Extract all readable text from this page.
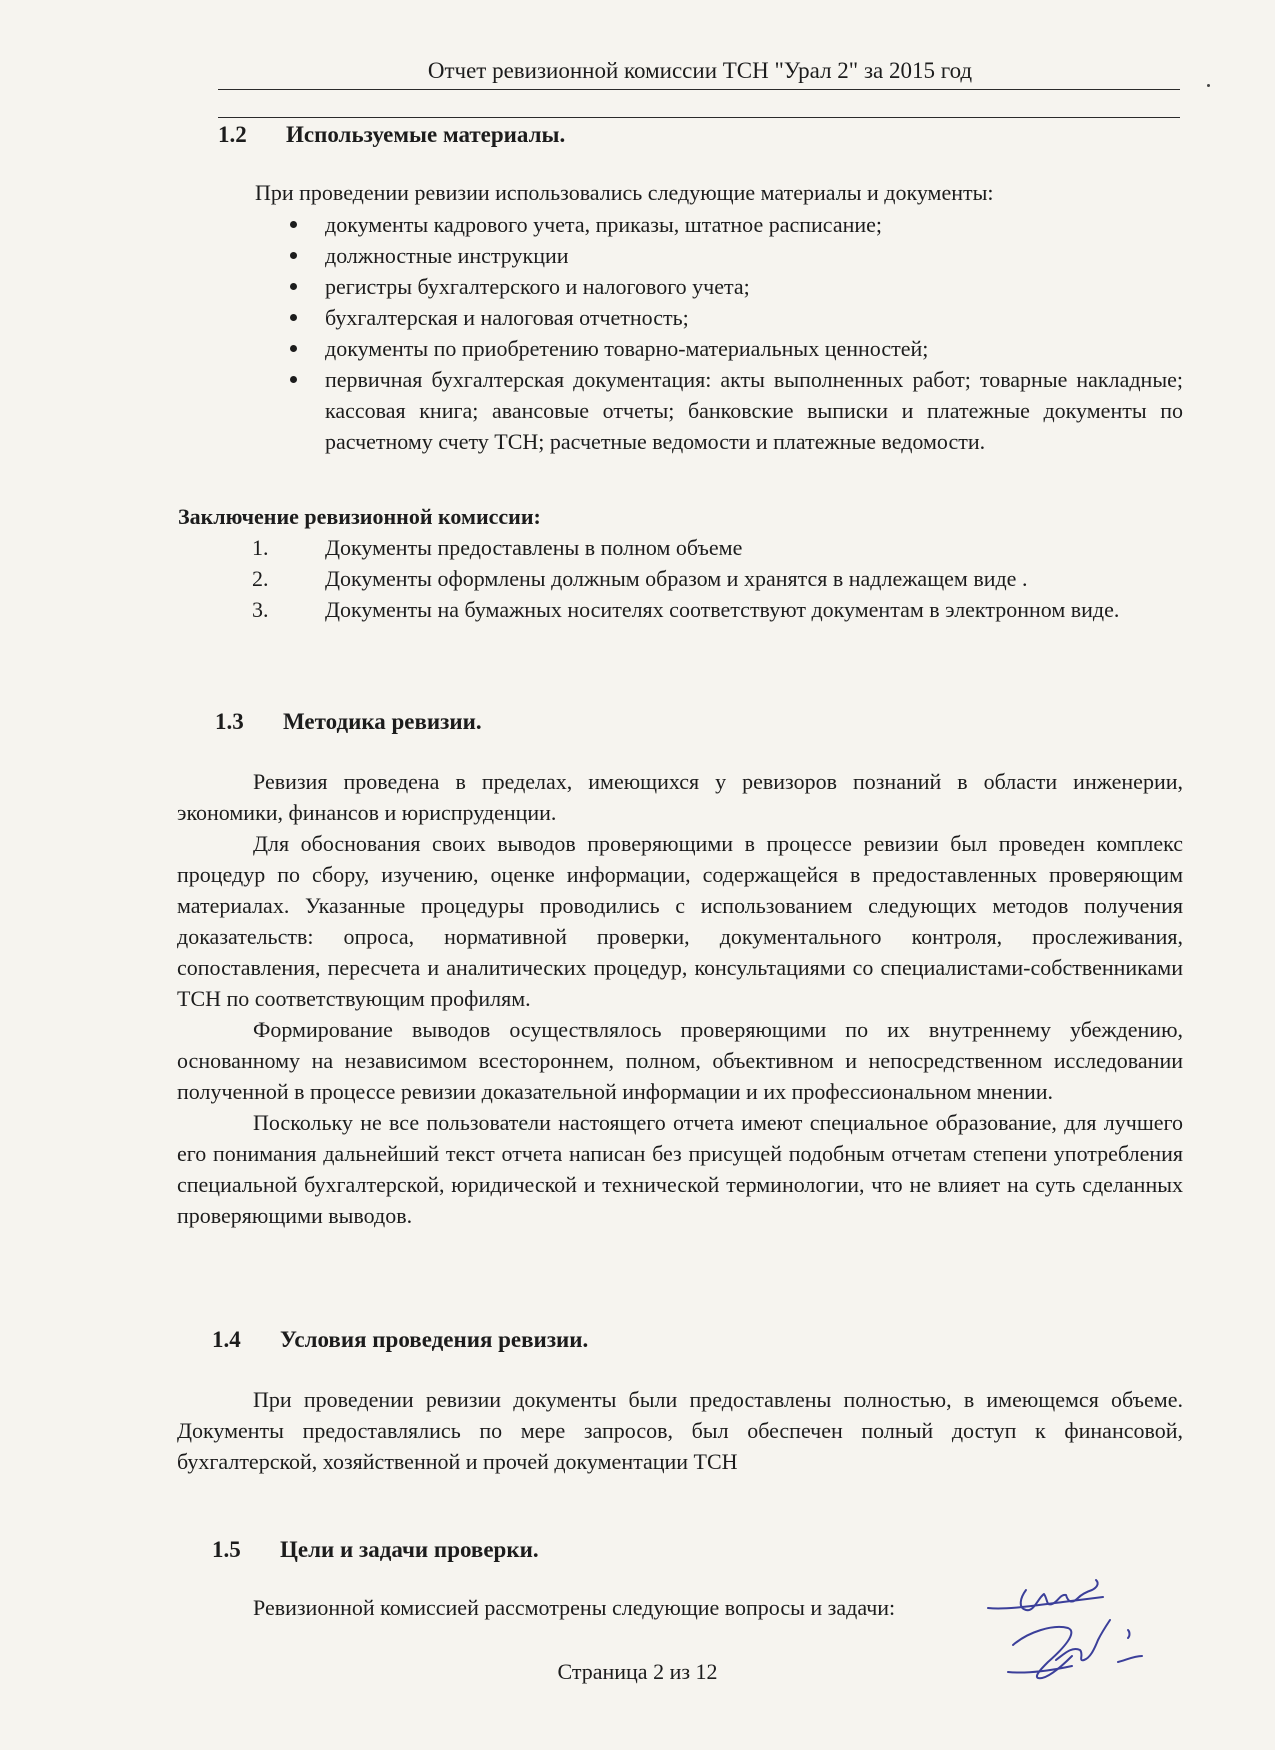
Отчет ревизионной комиссии ТСН "Урал 2" за 2015 год
1.2	Используемые материалы.
При проведении ревизии использовались следующие материалы и документы:
документы кадрового учета, приказы, штатное расписание;
должностные инструкции
регистры бухгалтерского и налогового учета;
бухгалтерская и налоговая отчетность;
документы по приобретению товарно-материальных ценностей;
первичная бухгалтерская документация: акты выполненных работ; товарные накладные; кассовая книга; авансовые отчеты; банковские выписки и платежные документы по расчетному счету ТСН; расчетные ведомости и платежные ведомости.
Заключение ревизионной комиссии:
1.	Документы предоставлены в полном объеме
2.	Документы оформлены должным образом и хранятся в надлежащем виде .
3.	Документы на бумажных носителях соответствуют документам в электронном виде.
1.3	Методика ревизии.
Ревизия проведена в пределах, имеющихся у ревизоров познаний в области инженерии, экономики, финансов и юриспруденции.
Для обоснования своих выводов проверяющими в процессе ревизии был проведен комплекс процедур по сбору, изучению, оценке информации, содержащейся в предоставленных проверяющим материалах. Указанные процедуры проводились с использованием следующих методов получения доказательств: опроса, нормативной проверки, документального контроля, прослеживания, сопоставления, пересчета и аналитических процедур, консультациями со специалистами-собственниками ТСН по соответствующим профилям.
Формирование выводов осуществлялось проверяющими по их внутреннему убеждению, основанному на независимом всестороннем, полном, объективном и непосредственном исследовании полученной в процессе ревизии доказательной информации и их профессиональном мнении.
Поскольку не все пользователи настоящего отчета имеют специальное образование, для лучшего его понимания дальнейший текст отчета написан без присущей подобным отчетам степени употребления специальной бухгалтерской, юридической и технической терминологии, что не влияет на суть сделанных проверяющими выводов.
1.4	Условия проведения ревизии.
При проведении ревизии документы были предоставлены полностью, в имеющемся объеме. Документы предоставлялись по мере запросов, был обеспечен полный доступ к финансовой, бухгалтерской, хозяйственной и прочей документации ТСН
1.5	Цели и задачи проверки.
Ревизионной комиссией рассмотрены следующие вопросы и задачи:
Страница 2 из 12
